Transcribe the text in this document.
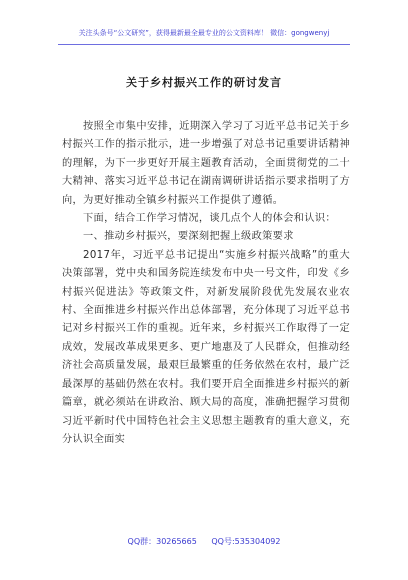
关注头条号“公文研究”，获得最新最全最专业的公文资料库！ 微信：gongwenyj
关于乡村振兴工作的研讨发言

按照全市集中安排，近期深入学习了习近平总书记关于乡村振兴工作的指示批示，进一步增强了对总书记重要讲话精神的理解，为下一步更好开展主题教育活动，全面贯彻党的二十大精神、落实习近平总书记在湖南调研讲话指示要求指明了方向，为更好推动全镇乡村振兴工作提供了遵循。

下面，结合工作学习情况，谈几点个人的体会和认识：

一、推动乡村振兴，要深刻把握上级政策要求

2017年，习近平总书记提出“实施乡村振兴战略”的重大决策部署，党中央和国务院连续发布中央一号文件，印发《乡村振兴促进法》等政策文件，对新发展阶段优先发展农业农村、全面推进乡村振兴作出总体部署，充分体现了习近平总书记对乡村振兴工作的重视。近年来，乡村振兴工作取得了一定成效，发展改革成果更多、更广地惠及了人民群众，但推动经济社会高质量发展，最艰巨最繁重的任务依然在农村，最广泛最深厚的基础仍然在农村。我们要开启全面推进乡村振兴的新篇章，就必须站在讲政治、顾大局的高度，准确把握学习贯彻习近平新时代中国特色社会主义思想主题教育的重大意义，充分认识全面实

QQ群：30265665 QQ号:535304092
